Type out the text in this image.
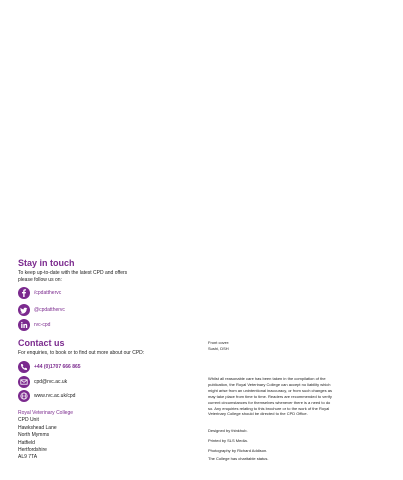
Stay in touch
To keep up-to-date with the latest CPD and offers
please follow us on:
/cpdatthervc
@cpdatthervc
rvc-cpd
Contact us
For enquiries, to book or to find out more about our CPD:
+44 (0)1707 666 865
cpd@rvc.ac.uk
www.rvc.ac.uk/cpd
Royal Veterinary College
CPD Unit
Hawkshead Lane
North Mymms
Hatfield
Hertfordshire
AL9 7TA

Front cover:

Sushi, DSH

Whilst all reasonable care has been taken in the compilation of the

publication, the Royal Veterinary College can accept no liability which

might arise from an unintentional inaccuracy, or from such changes as

may take place from time to time. Readers are recommended to verify

current circumstances for themselves whenever there is a need to do

so. Any enquiries relating to this brochure or to the work of the Royal

Veterinary College should be directed to the CPD Office.

Designed by thinkhub.

Printed by SLS Media.

Photography by Richard Addison.

The College has charitable status.
